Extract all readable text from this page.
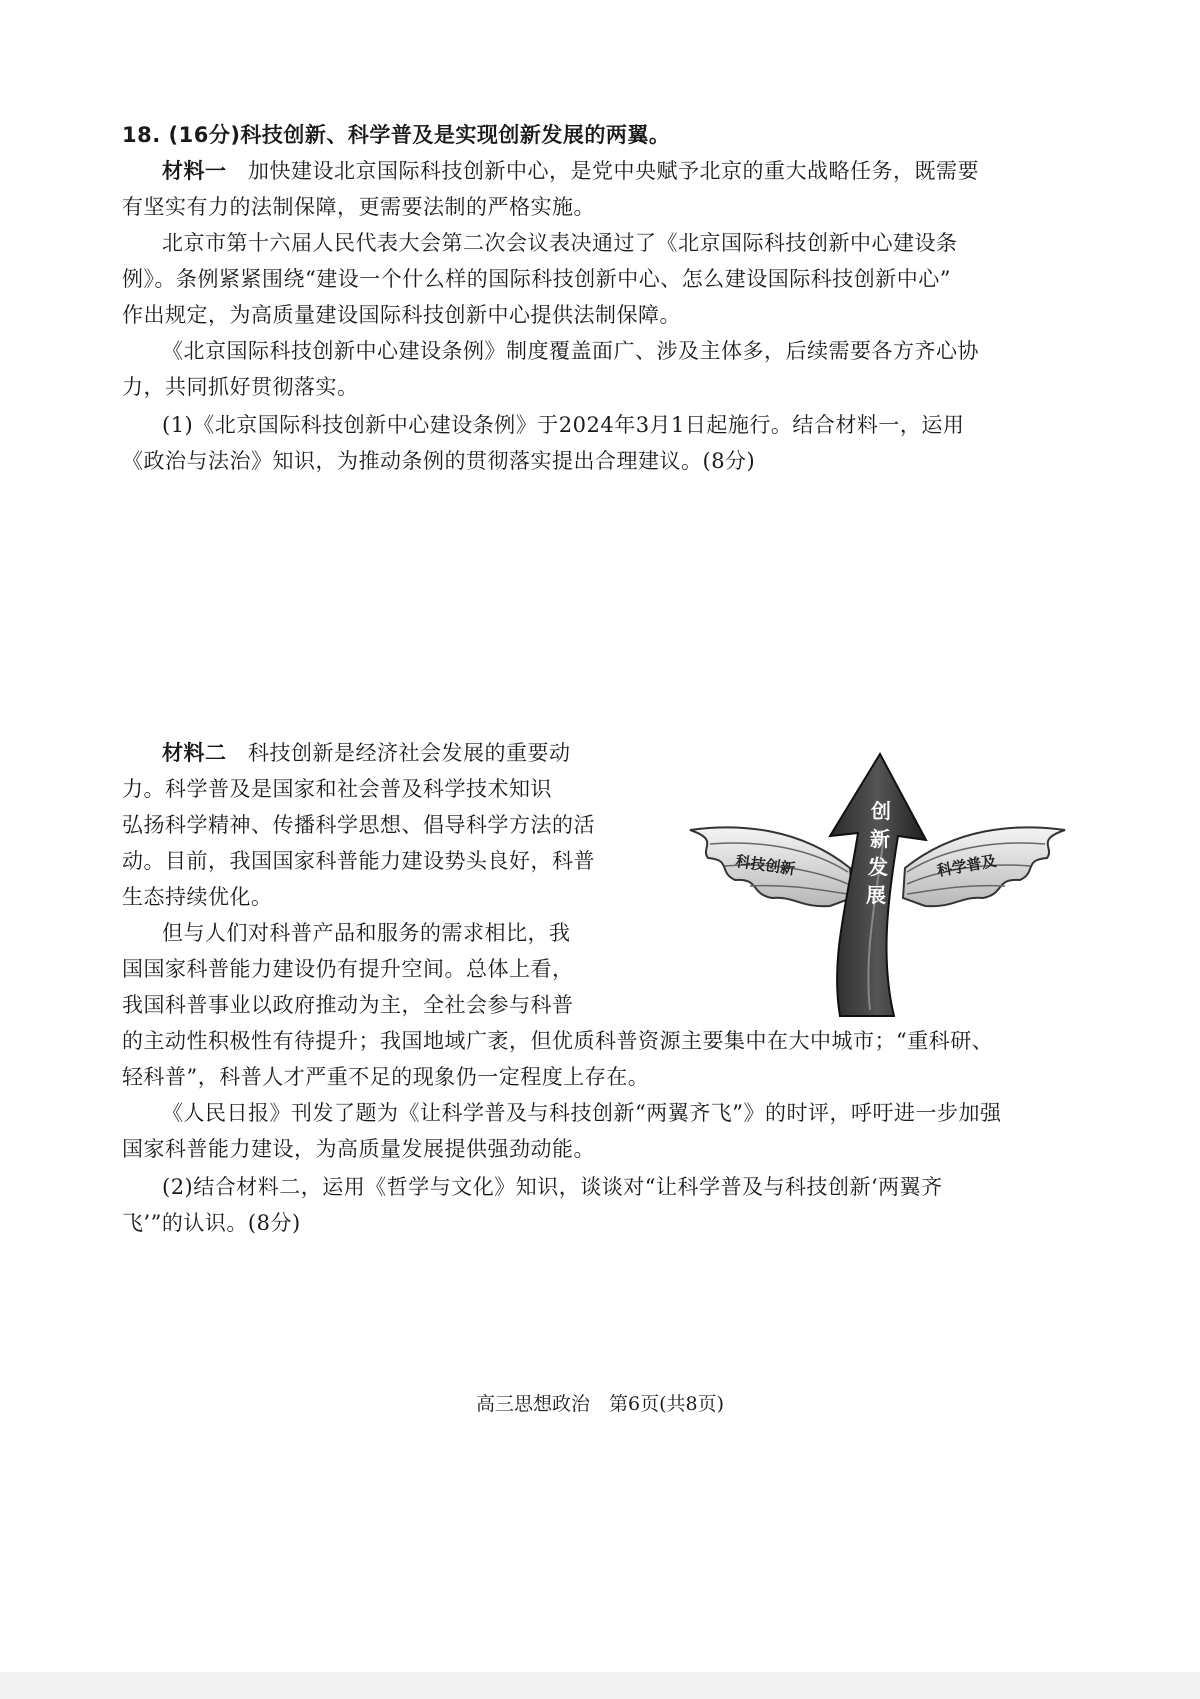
18. (16分)科技创新、科学普及是实现创新发展的两翼。
材料一　 加快建设北京国际科技创新中心，是党中央赋予北京的重大战略任务，既需要
有坚实有力的法制保障，更需要法制的严格实施。
北京市第十六届人民代表大会第二次会议表决通过了《北京国际科技创新中心建设条
例》。条例紧紧围绕“建设一个什么样的国际科技创新中心、怎么建设国际科技创新中心”
作出规定，为高质量建设国际科技创新中心提供法制保障。
《北京国际科技创新中心建设条例》制度覆盖面广、涉及主体多，后续需要各方齐心协
力，共同抓好贯彻落实。
(1)《北京国际科技创新中心建设条例》于2024年3月1日起施行。结合材料一，运用
《政治与法治》知识，为推动条例的贯彻落实提出合理建议。(8分)
材料二　 科技创新是经济社会发展的重要动
力。科学普及是国家和社会普及科学技术知识
弘扬科学精神、传播科学思想、倡导科学方法的活
动。目前，我国国家科普能力建设势头良好，科普
生态持续优化。
但与人们对科普产品和服务的需求相比，我
国国家科普能力建设仍有提升空间。总体上看，
我国科普事业以政府推动为主，全社会参与科普
的主动性积极性有待提升；我国地域广袤，但优质科普资源主要集中在大中城市；“重科研、
轻科普”，科普人才严重不足的现象仍一定程度上存在。
《人民日报》刊发了题为《让科学普及与科技创新“两翼齐飞”》的时评，呼吁进一步加强
国家科普能力建设，为高质量发展提供强劲动能。
(2)结合材料二，运用《哲学与文化》知识，谈谈对“让科学普及与科技创新‘两翼齐
飞’”的认识。(8分)
科技创新	科学普及
创
新
发
展
高三思想政治　第6页(共8页)
